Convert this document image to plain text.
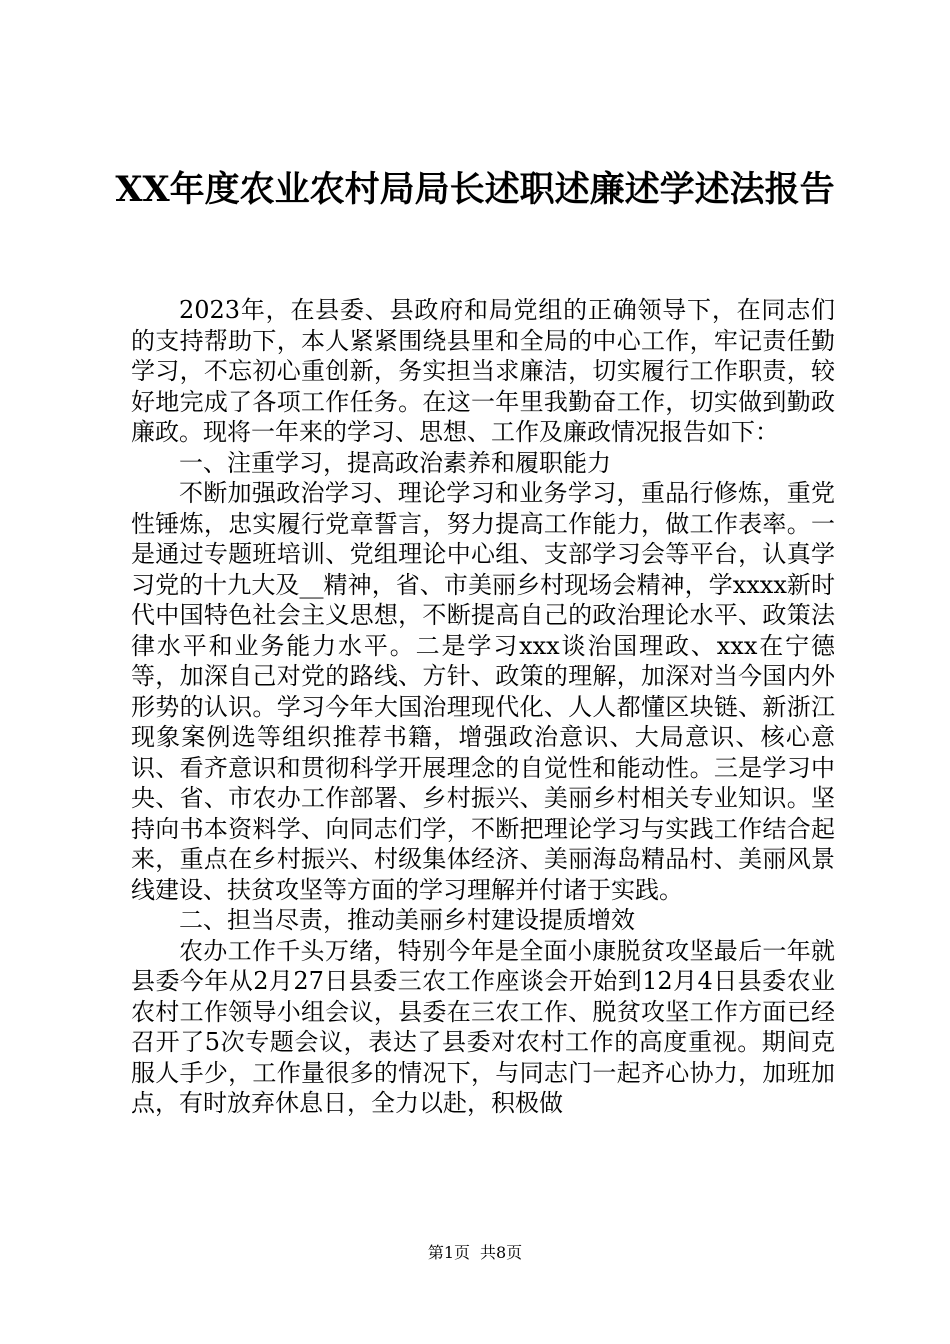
XX年度农业农村局局长述职述廉述学述法报告

2023年，在县委、县政府和局党组的正确领导下，在同志们的支持帮助下，本人紧紧围绕县里和全局的中心工作，牢记责任勤学习，不忘初心重创新，务实担当求廉洁，切实履行工作职责，较好地完成了各项工作任务。在这一年里我勤奋工作，切实做到勤政廉政。现将一年来的学习、思想、工作及廉政情况报告如下：

一、注重学习，提高政治素养和履职能力

不断加强政治学习、理论学习和业务学习，重品行修炼，重党性锤炼，忠实履行党章誓言，努力提高工作能力，做工作表率。一是通过专题班培训、党组理论中心组、支部学习会等平台，认真学习党的十九大及__精神，省、市美丽乡村现场会精神，学xxxx新时代中国特色社会主义思想，不断提高自己的政治理论水平、政策法律水平和业务能力水平。二是学习xxx谈治国理政、xxx在宁德等，加深自己对党的路线、方针、政策的理解，加深对当今国内外形势的认识。学习今年大国治理现代化、人人都懂区块链、新浙江现象案例选等组织推荐书籍，增强政治意识、大局意识、核心意识、看齐意识和贯彻科学开展理念的自觉性和能动性。三是学习中央、省、市农办工作部署、乡村振兴、美丽乡村相关专业知识。坚持向书本资料学、向同志们学，不断把理论学习与实践工作结合起来，重点在乡村振兴、村级集体经济、美丽海岛精品村、美丽风景线建设、扶贫攻坚等方面的学习理解并付诸于实践。

二、担当尽责，推动美丽乡村建设提质增效

农办工作千头万绪，特别今年是全面小康脱贫攻坚最后一年就县委今年从2月27日县委三农工作座谈会开始到12月4日县委农业农村工作领导小组会议，县委在三农工作、脱贫攻坚工作方面已经召开了5次专题会议，表达了县委对农村工作的高度重视。期间克服人手少，工作量很多的情况下，与同志门一起齐心协力，加班加点，有时放弃休息日，全力以赴，积极做

第1页 共8页
